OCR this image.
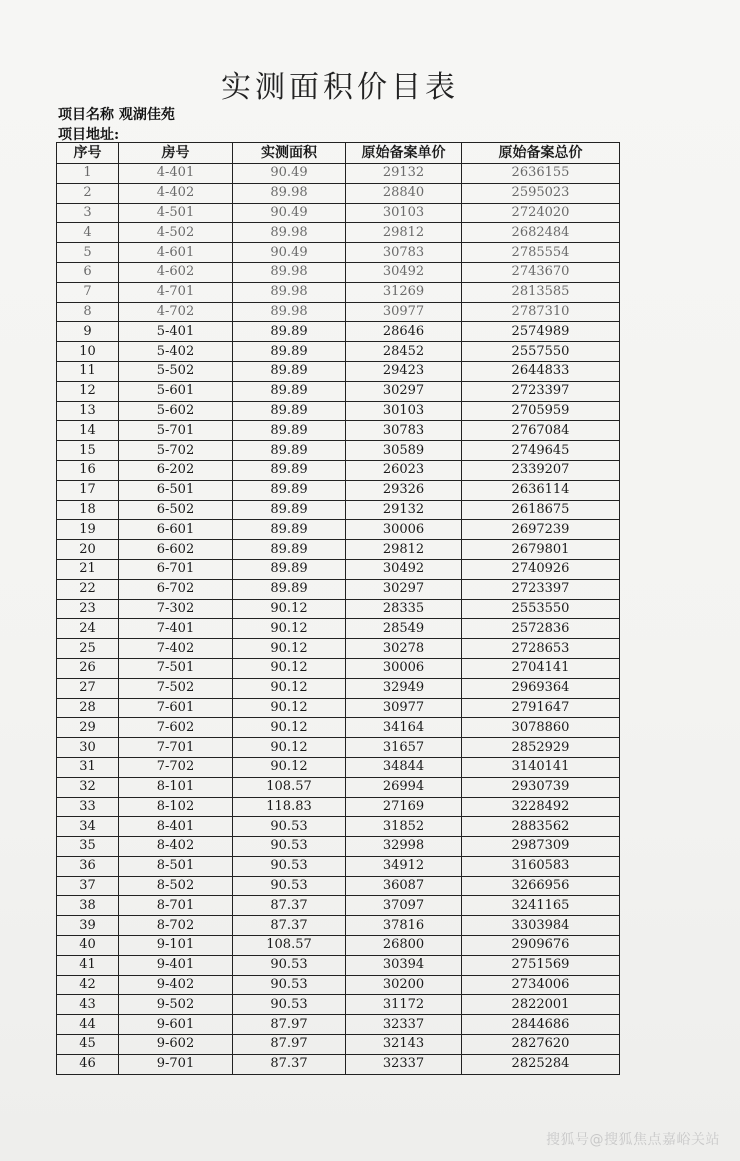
实测面积价目表
项目名称 观湖佳苑
项目地址:
序号	房号	实测面积	原始备案单价	原始备案总价
1	4-401	90.49	29132	2636155
2	4-402	89.98	28840	2595023
3	4-501	90.49	30103	2724020
4	4-502	89.98	29812	2682484
5	4-601	90.49	30783	2785554
6	4-602	89.98	30492	2743670
7	4-701	89.98	31269	2813585
8	4-702	89.98	30977	2787310
9	5-401	89.89	28646	2574989
10	5-402	89.89	28452	2557550
11	5-502	89.89	29423	2644833
12	5-601	89.89	30297	2723397
13	5-602	89.89	30103	2705959
14	5-701	89.89	30783	2767084
15	5-702	89.89	30589	2749645
16	6-202	89.89	26023	2339207
17	6-501	89.89	29326	2636114
18	6-502	89.89	29132	2618675
19	6-601	89.89	30006	2697239
20	6-602	89.89	29812	2679801
21	6-701	89.89	30492	2740926
22	6-702	89.89	30297	2723397
23	7-302	90.12	28335	2553550
24	7-401	90.12	28549	2572836
25	7-402	90.12	30278	2728653
26	7-501	90.12	30006	2704141
27	7-502	90.12	32949	2969364
28	7-601	90.12	30977	2791647
29	7-602	90.12	34164	3078860
30	7-701	90.12	31657	2852929
31	7-702	90.12	34844	3140141
32	8-101	108.57	26994	2930739
33	8-102	118.83	27169	3228492
34	8-401	90.53	31852	2883562
35	8-402	90.53	32998	2987309
36	8-501	90.53	34912	3160583
37	8-502	90.53	36087	3266956
38	8-701	87.37	37097	3241165
39	8-702	87.37	37816	3303984
40	9-101	108.57	26800	2909676
41	9-401	90.53	30394	2751569
42	9-402	90.53	30200	2734006
43	9-502	90.53	31172	2822001
44	9-601	87.97	32337	2844686
45	9-602	87.97	32143	2827620
46	9-701	87.37	32337	2825284
搜狐号@搜狐焦点嘉峪关站
